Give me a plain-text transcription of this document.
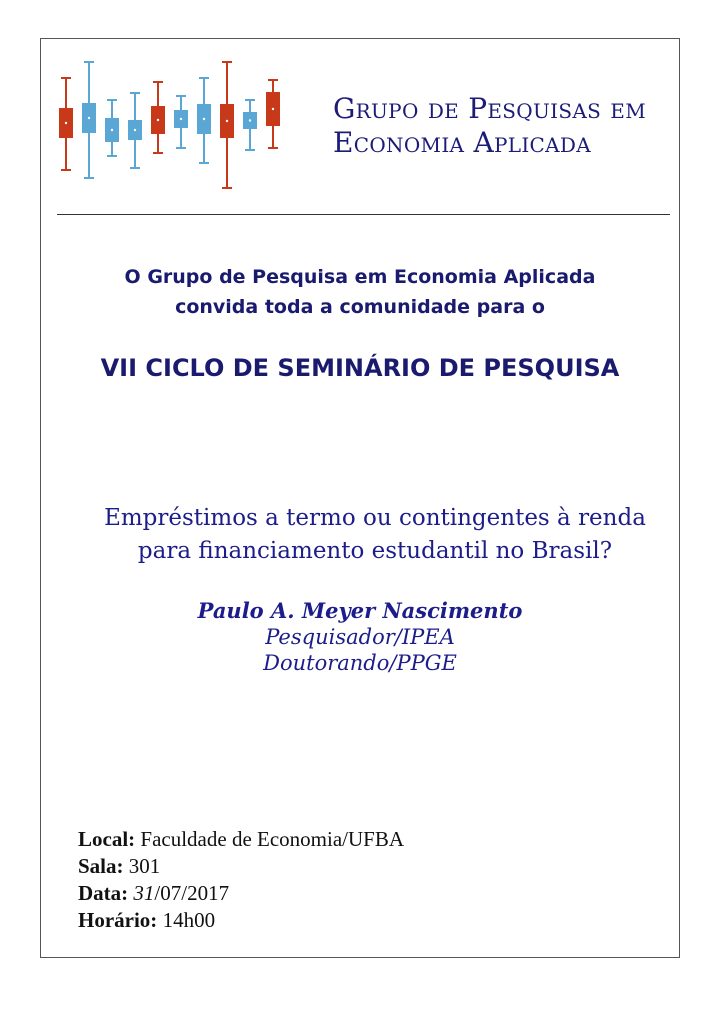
Grupo de Pesquisas em
Economia Aplicada
O Grupo de Pesquisa em Economia Aplicada
convida toda a comunidade para o
VII CICLO DE SEMINÁRIO DE PESQUISA
Empréstimos a termo ou contingentes à renda
para financiamento estudantil no Brasil?
Paulo A. Meyer Nascimento
Pesquisador/IPEA
Doutorando/PPGE
Local: Faculdade de Economia/UFBA
Sala: 301
Data: 31/07/2017
Horário: 14h00
